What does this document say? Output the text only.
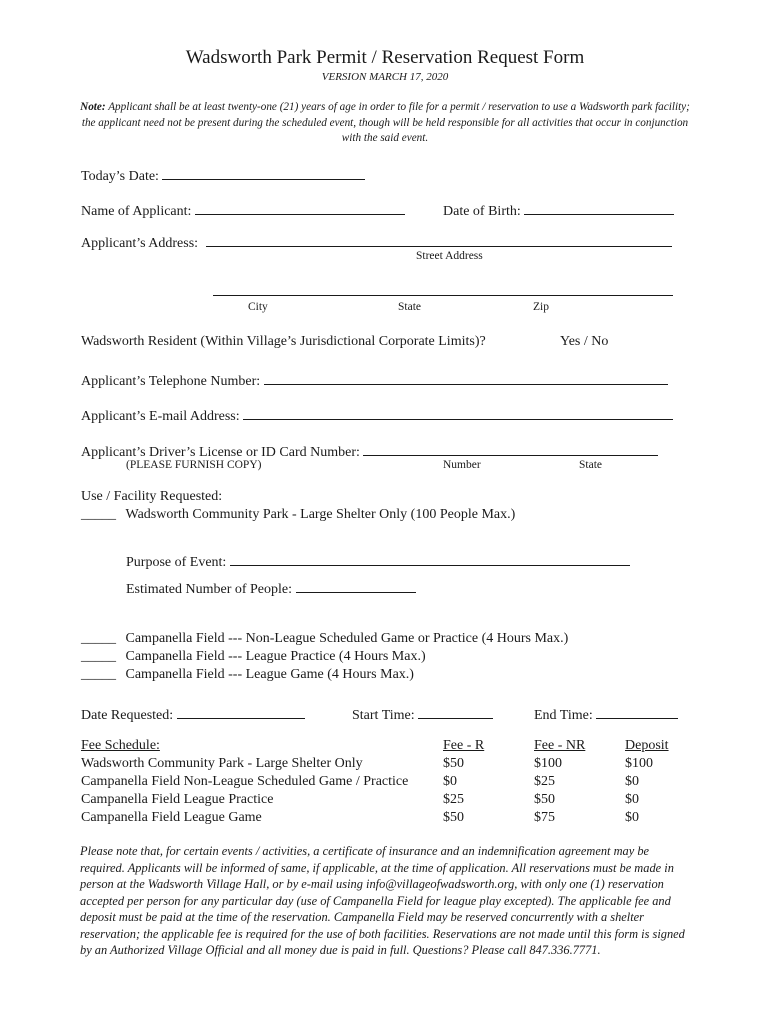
Wadsworth Park Permit / Reservation Request Form
VERSION MARCH 17, 2020
Note: Applicant shall be at least twenty-one (21) years of age in order to file for a permit / reservation to use a Wadsworth park facility; the applicant need not be present during the scheduled event, though will be held responsible for all activities that occur in conjunction with the said event.
Today’s Date:
Name of Applicant:	Date of Birth:
Applicant’s Address:
Street Address
City	State	Zip
Wadsworth Resident (Within Village’s Jurisdictional Corporate Limits)?	Yes / No
Applicant’s Telephone Number:
Applicant’s E-mail Address:
Applicant’s Driver’s License or ID Card Number:
(PLEASE FURNISH COPY)	Number	State
Use / Facility Requested:
_____ Wadsworth Community Park - Large Shelter Only (100 People Max.)
Purpose of Event:
Estimated Number of People:
_____ Campanella Field --- Non-League Scheduled Game or Practice (4 Hours Max.)
_____ Campanella Field --- League Practice (4 Hours Max.)
_____ Campanella Field --- League Game (4 Hours Max.)
Date Requested:	Start Time:	End Time:
Fee Schedule:	Fee - R	Fee - NR	Deposit
Wadsworth Community Park - Large Shelter Only	$50	$100	$100
Campanella Field Non-League Scheduled Game / Practice $0	$25	$0
Campanella Field League Practice	$25	$50	$0
Campanella Field League Game	$50	$75	$0
Please note that, for certain events / activities, a certificate of insurance and an indemnification agreement may be required. Applicants will be informed of same, if applicable, at the time of application. All reservations must be made in person at the Wadsworth Village Hall, or by e-mail using info@villageofwadsworth.org, with only one (1) reservation accepted per person for any particular day (use of Campanella Field for league play excepted). The applicable fee and deposit must be paid at the time of the reservation. Campanella Field may be reserved concurrently with a shelter reservation; the applicable fee is required for the use of both facilities. Reservations are not made until this form is signed by an Authorized Village Official and all money due is paid in full. Questions? Please call 847.336.7771.
